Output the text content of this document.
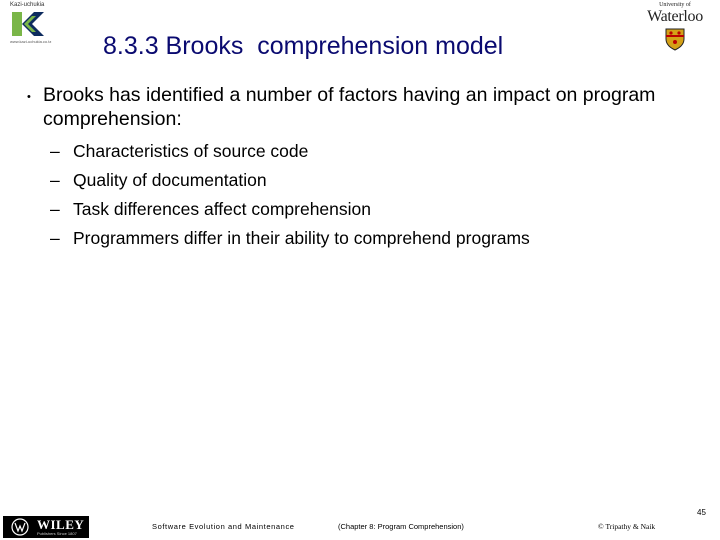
Kazi-uchukia
www.kazi-uchukia.co.tz
University of
Waterloo
8.3.3 Brooks  comprehension model
• Brooks has identified a number of factors having an impact on program comprehension:
– Characteristics of source code
– Quality of documentation
– Task differences affect comprehension
– Programmers differ in their ability to comprehend programs
45
WILEY
Publishers Since 1807
Software Evolution and Maintenance	(Chapter 8: Program Comprehension)	© Tripathy & Naik
